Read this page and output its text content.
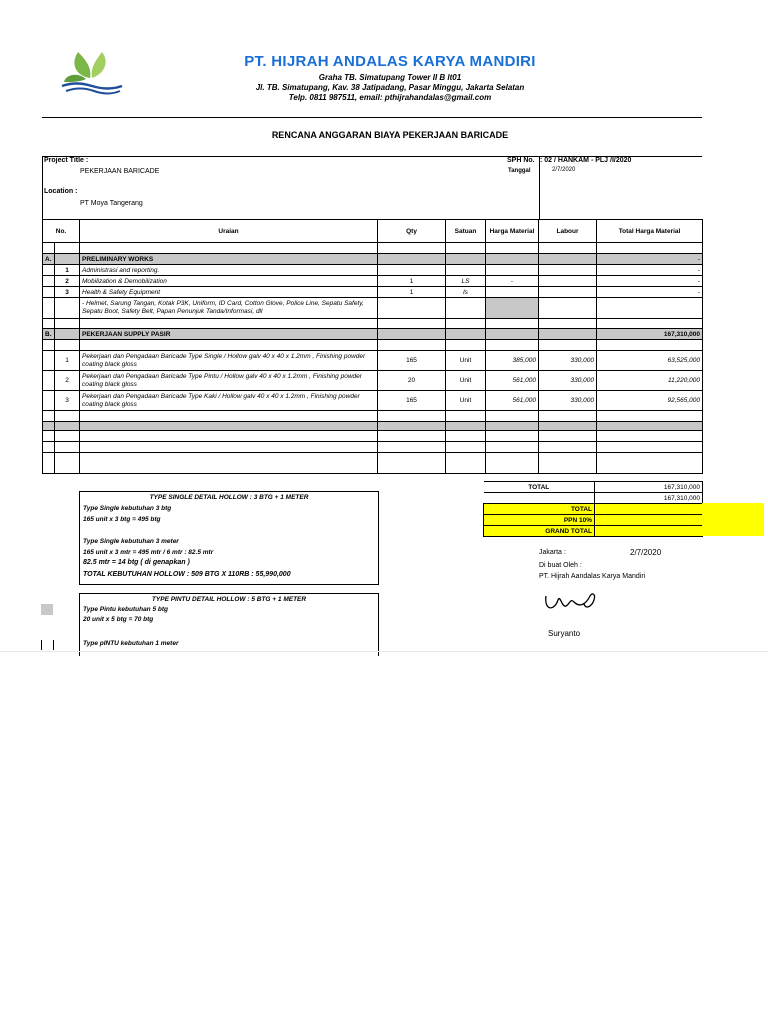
PT. HIJRAH ANDALAS KARYA MANDIRI
Graha TB. Simatupang Tower II B lt01
Jl. TB. Simatupang, Kav. 38 Jatipadang, Pasar Minggu, Jakarta Selatan
Telp. 0811 987511, email: pthijrahandalas@gmail.com
RENCANA ANGGARAN BIAYA PEKERJAAN BARICADE
Project Title :
PEKERJAAN BARICADE
Location :
PT Moya Tangerang
SPH No. : 02 / HANKAM - PLJ /I/2020
Tanggal	2/7/2020
No.		Uraian	Qty	Satuan	Harga Material	Labour	Total Harga Material

A.		PRELIMINARY WORKS					-
	1	Administrasi and reporting.					-
	2	Mobilization & Demobilization	1	LS	-		-
	3	Health & Safety Equipment	1	ls			-
		- Helmet, Sarung Tangan, Kotak P3K, Uniform, ID Card, Cotton Glove, Police Line, Sepatu Safety, Sepatu Boot, Safety Belt, Papan Penunjuk Tanda/Informasi, dll					

B.		PEKERJAAN SUPPLY PASIR					167,310,000

	1	Pekerjaan dan Pengadaan Baricade Type Single / Hollow galv 40 x 40 x 1.2mm , Finishing powder coating black gloss	165	Unit	385,000	330,000	63,525,000
	2	Pekerjaan dan Pengadaan Baricade Type Pintu / Hollow galv 40 x 40 x 1.2mm , Finishing powder coating black gloss	20	Unit	561,000	330,000	11,220,000
	3	Pekerjaan dan Pengadaan Baricade Type Kaki / Hollow galv 40 x 40 x 1.2mm , Finishing powder coating black gloss	165	Unit	561,000	330,000	92,565,000

TOTAL	167,310,000
	167,310,000
TOTAL	
PPN 10%	
GRAND TOTAL	
TYPE SINGLE DETAIL HOLLOW : 3 BTG + 1 METER
Type Single kebutuhan 3 btg
165 unit x 3 btg = 495 btg
Type Single kebutuhan 3 meter
165 unit x 3 mtr = 495 mtr / 6 mtr : 82.5 mtr
82.5 mtr = 14 btg ( di genapkan )
TOTAL KEBUTUHAN HOLLOW : 509 BTG X 110RB : 55,990,000
TYPE PINTU DETAIL HOLLOW : 5 BTG + 1 METER
Type Pintu kebutuhan 5 btg
20 unit x 5 btg = 70 btg
Type pINTU kebutuhan 1 meter
Jakarta :	2/7/2020
Di buat Oleh :
PT. Hijrah Aandalas Karya Mandiri
Suryanto
